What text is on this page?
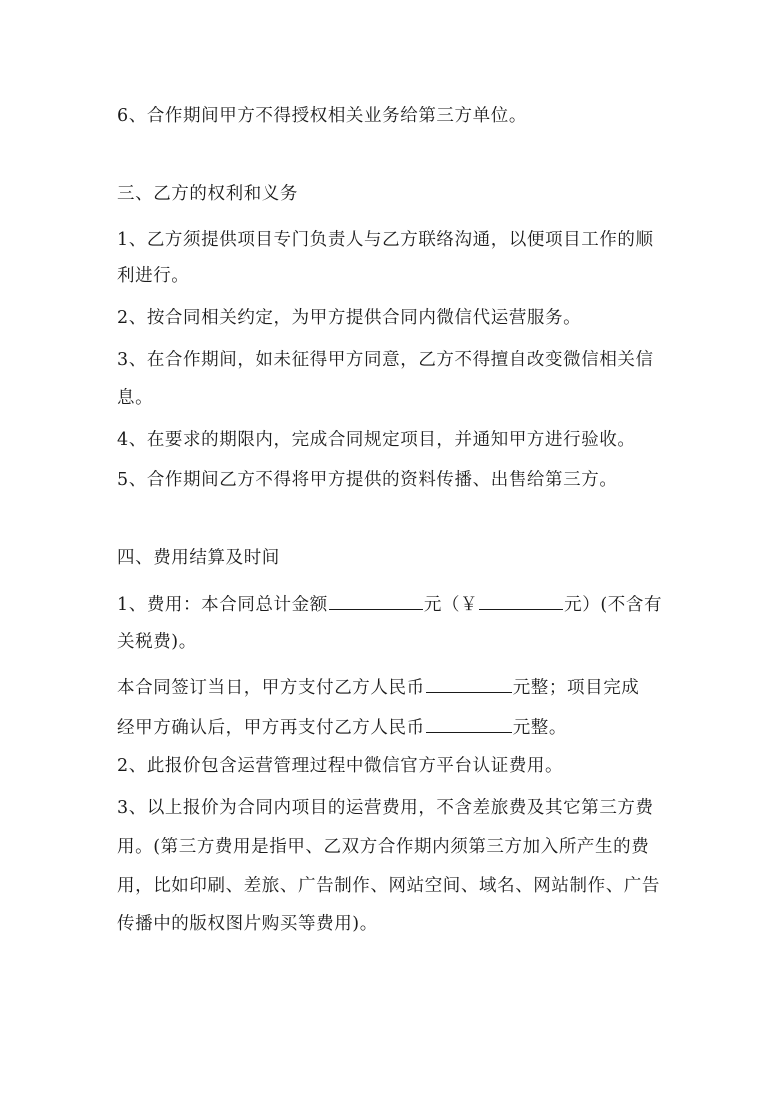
6、合作期间甲方不得授权相关业务给第三方单位。
三、乙方的权利和义务
1、乙方须提供项目专门负责人与乙方联络沟通，以便项目工作的顺
利进行。
2、按合同相关约定，为甲方提供合同内微信代运营服务。
3、在合作期间，如未征得甲方同意，乙方不得擅自改变微信相关信
息。
4、在要求的期限内，完成合同规定项目，并通知甲方进行验收。
5、合作期间乙方不得将甲方提供的资料传播、出售给第三方。
四、费用结算及时间
1、费用：本合同总计金额	元（￥	元）(不含有
关税费)。
本合同签订当日，甲方支付乙方人民币	元整；项目完成
经甲方确认后，甲方再支付乙方人民币	元整。
2、此报价包含运营管理过程中微信官方平台认证费用。
3、以上报价为合同内项目的运营费用，不含差旅费及其它第三方费
用。(第三方费用是指甲、乙双方合作期内须第三方加入所产生的费
用，比如印刷、差旅、广告制作、网站空间、域名、网站制作、广告
传播中的版权图片购买等费用)。
